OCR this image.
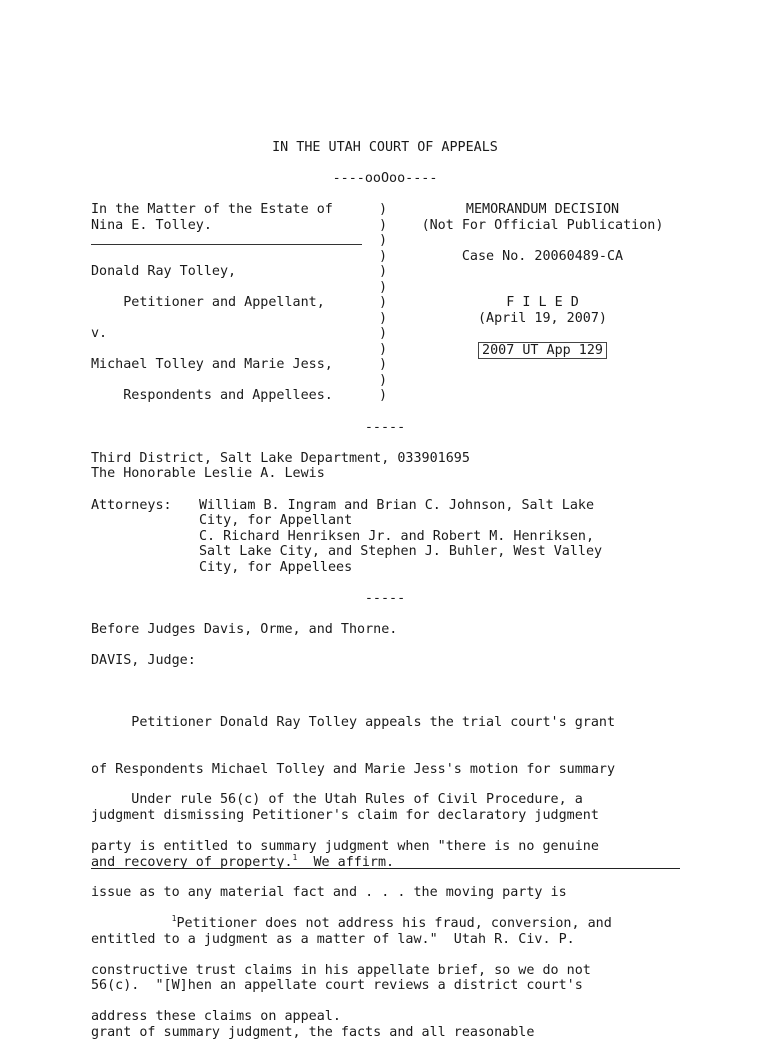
IN THE UTAH COURT OF APPEALS
----ooOoo----
In the Matter of the Estate of
Nina E. Tolley.
Donald Ray Tolley,
Petitioner and Appellant,
v.
Michael Tolley and Marie Jess,
Respondents and Appellees.
)
)
)
)
)
)
)
)
)
)
)
)
)
MEMORANDUM DECISION
(Not For Official Publication)
Case No. 20060489-CA
F I L E D
(April 19, 2007)
2007 UT App 129
-----
Third District, Salt Lake Department, 033901695
The Honorable Leslie A. Lewis
Attorneys: William B. Ingram and Brian C. Johnson, Salt Lake
City, for Appellant
C. Richard Henriksen Jr. and Robert M. Henriksen,
Salt Lake City, and Stephen J. Buhler, West Valley
City, for Appellees
-----
Before Judges Davis, Orme, and Thorne.
DAVIS, Judge:

Petitioner Donald Ray Tolley appeals the trial court's grant

of Respondents Michael Tolley and Marie Jess's motion for summary

judgment dismissing Petitioner's claim for declaratory judgment

and recovery of property.$^1$  We affirm.

Under rule 56(c) of the Utah Rules of Civil Procedure, a

party is entitled to summary judgment when "there is no genuine

issue as to any material fact and . . . the moving party is

entitled to a judgment as a matter of law."  Utah R. Civ. P.

56(c).  "[W]hen an appellate court reviews a district court's

grant of summary judgment, the facts and all reasonable

$^1$Petitioner does not address his fraud, conversion, and

constructive trust claims in his appellate brief, so we do not

address these claims on appeal.
